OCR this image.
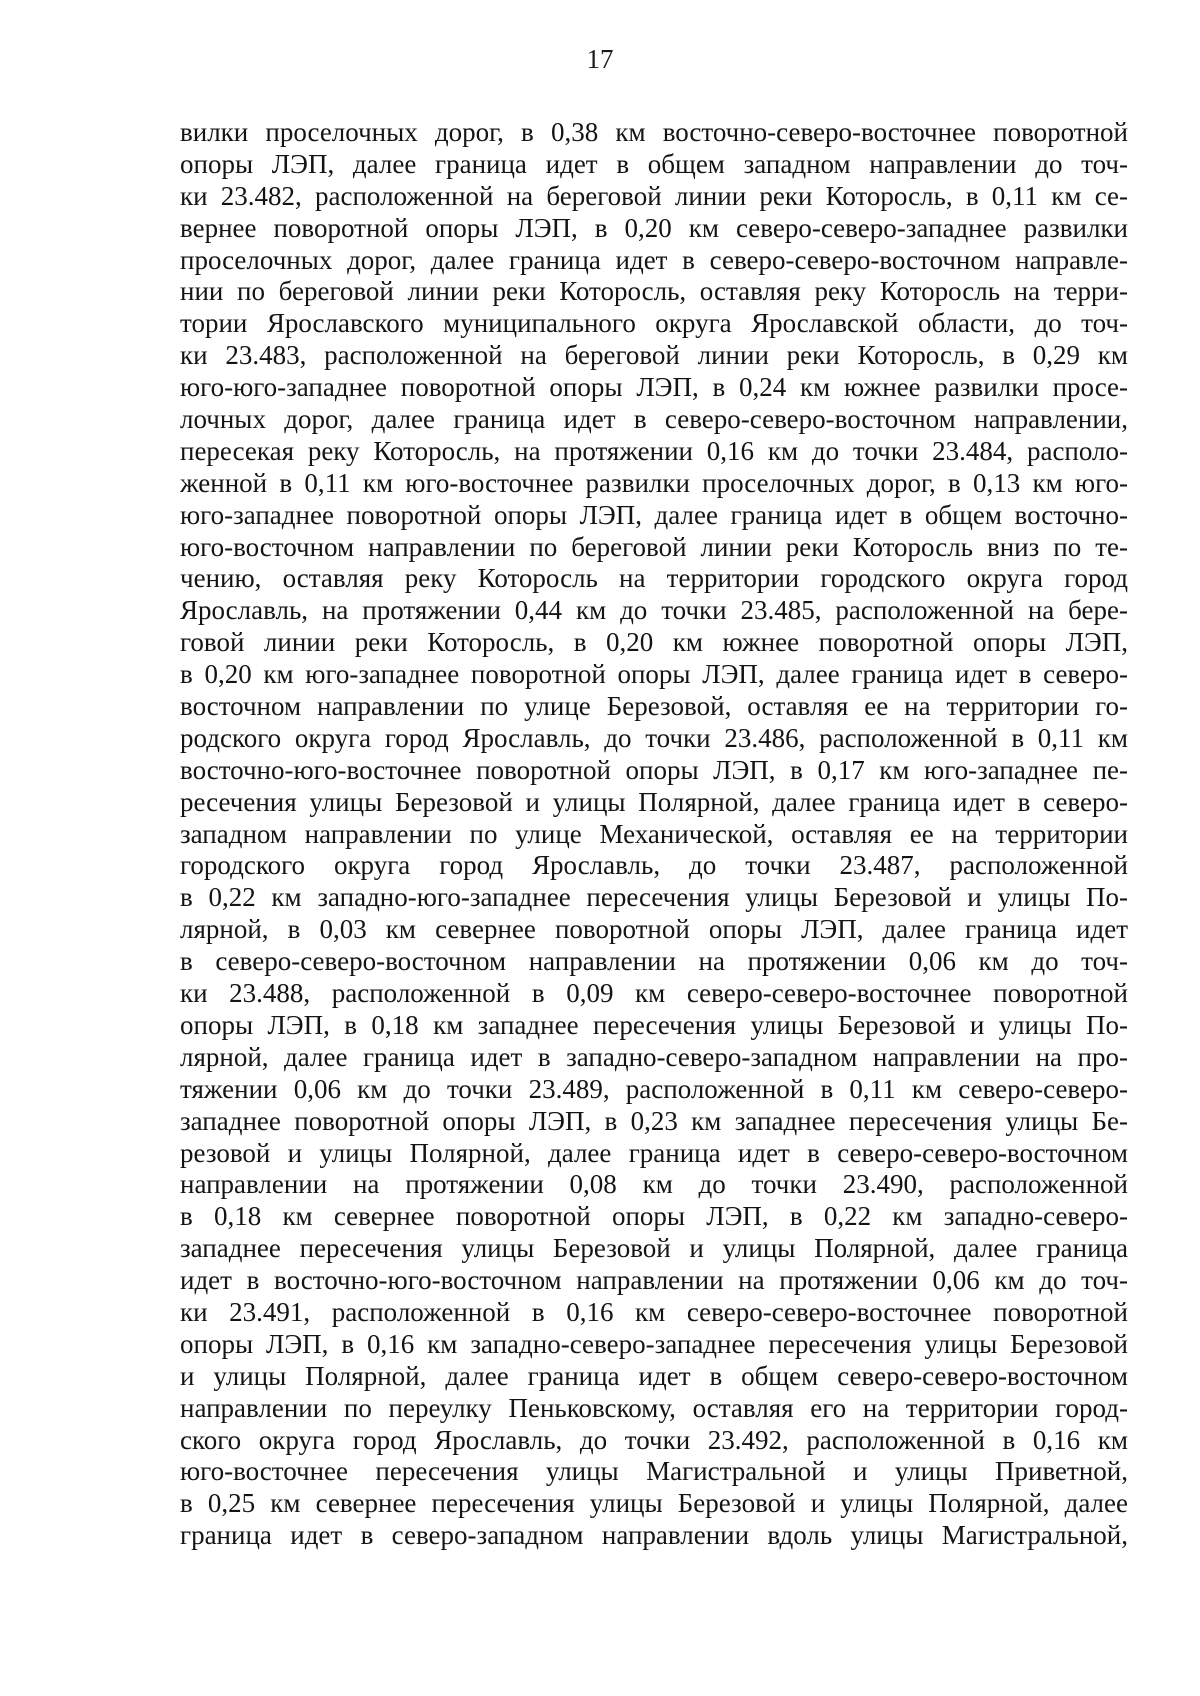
17
вилки проселочных дорог, в 0,38 км восточно-северо-восточнее поворотной
опоры ЛЭП, далее граница идет в общем западном направлении до точ-
ки 23.482, расположенной на береговой линии реки Которосль, в 0,11 км се-
вернее поворотной опоры ЛЭП, в 0,20 км северо-северо-западнее развилки
проселочных дорог, далее граница идет в северо-северо-восточном направле-
нии по береговой линии реки Которосль, оставляя реку Которосль на терри-
тории Ярославского муниципального округа Ярославской области, до точ-
ки 23.483, расположенной на береговой линии реки Которосль, в 0,29 км
юго-юго-западнее поворотной опоры ЛЭП, в 0,24 км южнее развилки просе-
лочных дорог, далее граница идет в северо-северо-восточном направлении,
пересекая реку Которосль, на протяжении 0,16 км до точки 23.484, располо-
женной в 0,11 км юго-восточнее развилки проселочных дорог, в 0,13 км юго-
юго-западнее поворотной опоры ЛЭП, далее граница идет в общем восточно-
юго-восточном направлении по береговой линии реки Которосль вниз по те-
чению, оставляя реку Которосль на территории городского округа город
Ярославль, на протяжении 0,44 км до точки 23.485, расположенной на бере-
говой линии реки Которосль, в 0,20 км южнее поворотной опоры ЛЭП,
в 0,20 км юго-западнее поворотной опоры ЛЭП, далее граница идет в северо-
восточном направлении по улице Березовой, оставляя ее на территории го-
родского округа город Ярославль, до точки 23.486, расположенной в 0,11 км
восточно-юго-восточнее поворотной опоры ЛЭП, в 0,17 км юго-западнее пе-
ресечения улицы Березовой и улицы Полярной, далее граница идет в северо-
западном направлении по улице Механической, оставляя ее на территории
городского округа город Ярославль, до точки 23.487, расположенной
в 0,22 км западно-юго-западнее пересечения улицы Березовой и улицы По-
лярной, в 0,03 км севернее поворотной опоры ЛЭП, далее граница идет
в северо-северо-восточном направлении на протяжении 0,06 км до точ-
ки 23.488, расположенной в 0,09 км северо-северо-восточнее поворотной
опоры ЛЭП, в 0,18 км западнее пересечения улицы Березовой и улицы По-
лярной, далее граница идет в западно-северо-западном направлении на про-
тяжении 0,06 км до точки 23.489, расположенной в 0,11 км северо-северо-
западнее поворотной опоры ЛЭП, в 0,23 км западнее пересечения улицы Бе-
резовой и улицы Полярной, далее граница идет в северо-северо-восточном
направлении на протяжении 0,08 км до точки 23.490, расположенной
в 0,18 км севернее поворотной опоры ЛЭП, в 0,22 км западно-северо-
западнее пересечения улицы Березовой и улицы Полярной, далее граница
идет в восточно-юго-восточном направлении на протяжении 0,06 км до точ-
ки 23.491, расположенной в 0,16 км северо-северо-восточнее поворотной
опоры ЛЭП, в 0,16 км западно-северо-западнее пересечения улицы Березовой
и улицы Полярной, далее граница идет в общем северо-северо-восточном
направлении по переулку Пеньковскому, оставляя его на территории город-
ского округа город Ярославль, до точки 23.492, расположенной в 0,16 км
юго-восточнее пересечения улицы Магистральной и улицы Приветной,
в 0,25 км севернее пересечения улицы Березовой и улицы Полярной, далее
граница идет в северо-западном направлении вдоль улицы Магистральной,
